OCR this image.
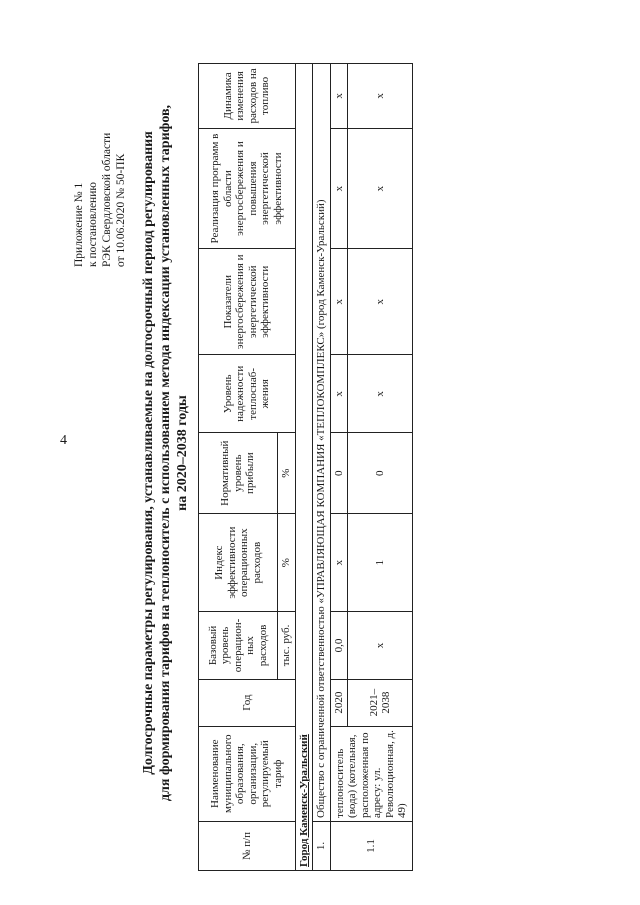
4
Приложение № 1 к постановлению РЭК Свердловской области от 10.06.2020 № 50-ПК Долгосрочные параметры регулирования, устанавливаемые на долгосрочный период регулирования для формирования тарифов на теплоноситель с использованием метода индексации установленных тарифов, на 2020–2038 годы
№ п/п	Наименование муниципального образования, организации, регулируемый тариф	Год	Базовый уровень операцион-ных расходов	Индекс эффективности операционных расходов	Нормативный уровень прибыли	Уровень надежности теплоснаб-жения	Показатели энергосбережения и энергетической эффективности	Реализация программ в области энергосбережения и повышения энергетической эффективности	Динамика изменения расходов на топливо
			тыс. руб.	%	%				
Город Каменск-Уральский									
1.	Общество с ограниченной ответственностью «УПРАВЛЯЮЩАЯ КОМПАНИЯ «ТЕПЛОКОМПЛЕКС» (город Каменск-Уральский)								
1.1	теплоноситель (вода) (котельная, расположенная по адресу: ул. Революционная, д. 49)	2020	0,0	х	0	х	х	х	х
		2021–2038	х	1	0	х	х	х	х
